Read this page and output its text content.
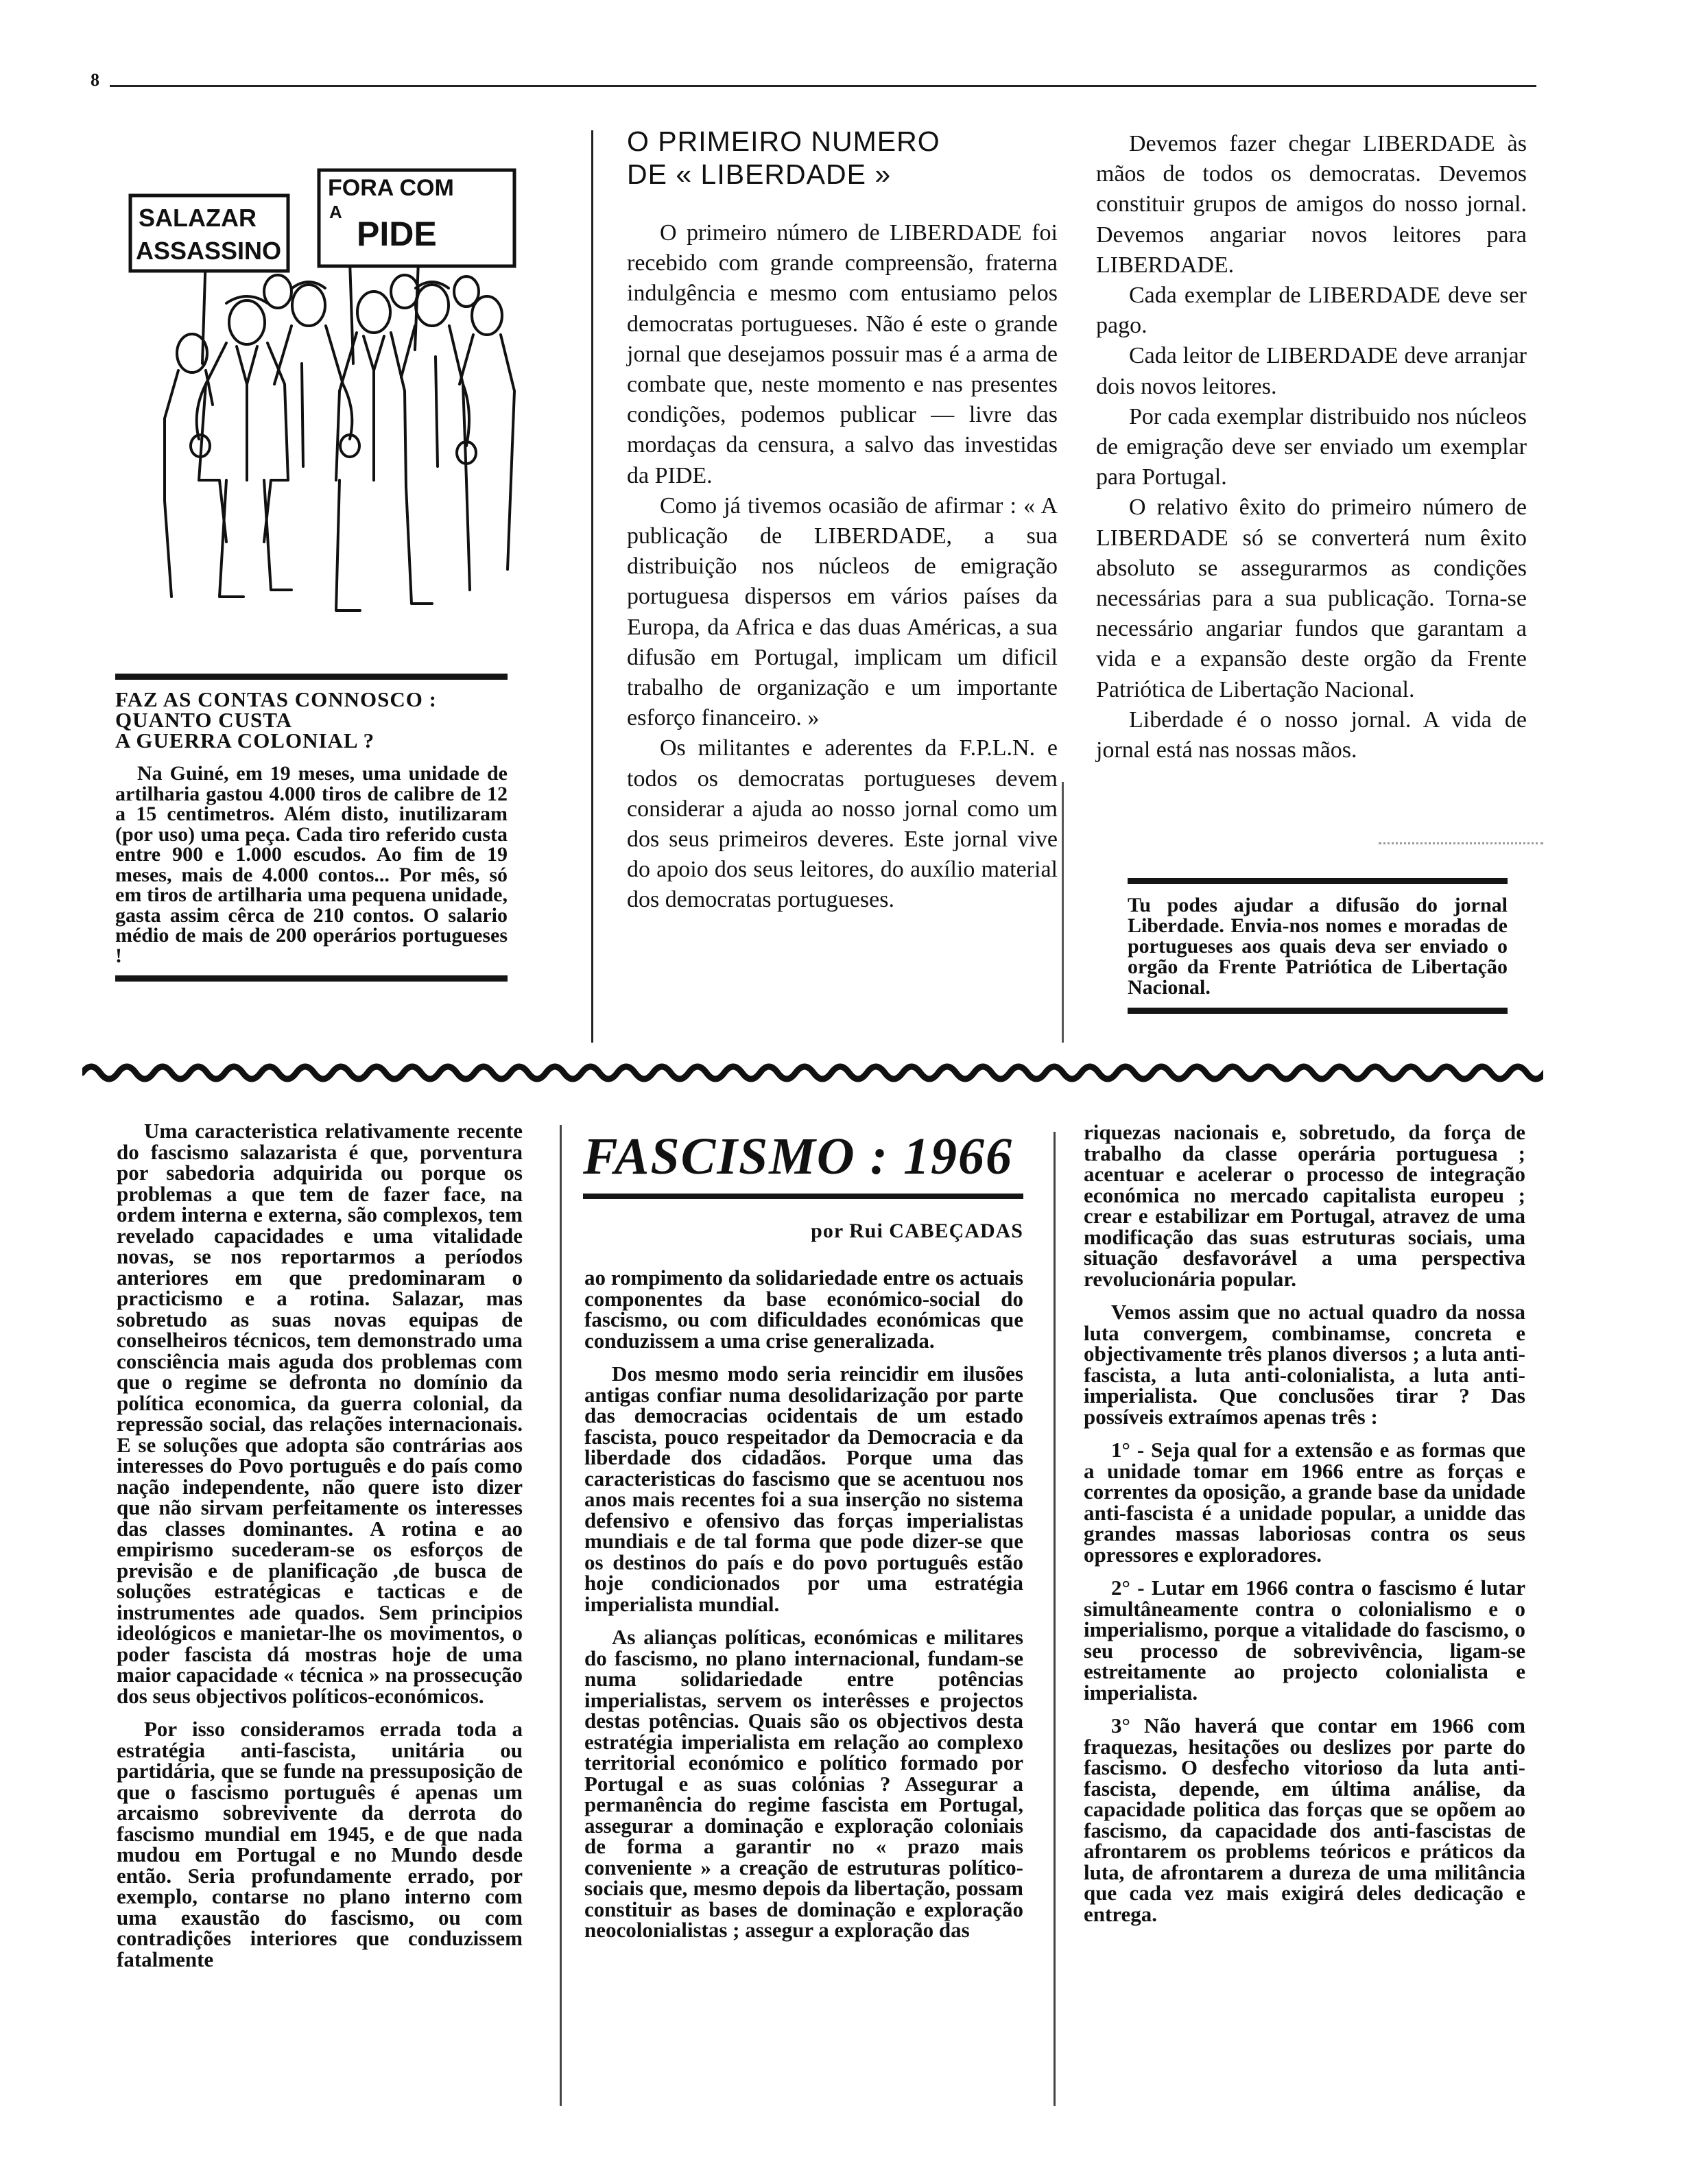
8
SALAZAR
ASSASSINO
FORA COM
A
PIDE
FAZ AS CONTAS CONNOSCO :
QUANTO CUSTA
A GUERRA COLONIAL ?
Na Guiné, em 19 meses, uma unidade de artilharia gastou 4.000 tiros de calibre de 12 a 15 centimetros. Além disto, inutilizaram (por uso) uma peça. Cada tiro referido custa entre 900 e 1.000 escudos. Ao fim de 19 meses, mais de 4.000 contos... Por mês, só em tiros de artilharia uma pequena unidade, gasta assim cêrca de 210 contos. O salario médio de mais de 200 operários portugueses !
O PRIMEIRO NUMERO
DE « LIBERDADE »

O primeiro número de LIBERDADE foi recebido com grande compreensão, fraterna indulgência e mesmo com entusiamo pelos democratas portugueses. Não é este o grande jornal que desejamos possuir mas é a arma de combate que, neste momento e nas presentes condições, podemos publicar — livre das mordaças da censura, a salvo das investidas da PIDE.

Como já tivemos ocasião de afirmar : « A publicação de LIBERDADE, a sua distribuição nos núcleos de emigração portuguesa dispersos em vários países da Europa, da Africa e das duas Américas, a sua difusão em Portugal, implicam um dificil trabalho de organização e um importante esforço financeiro. »

Os militantes e aderentes da F.P.L.N. e todos os democratas portugueses devem considerar a ajuda ao nosso jornal como um dos seus primeiros deveres. Este jornal vive do apoio dos seus leitores, do auxílio material dos democratas portugueses.

Devemos fazer chegar LIBERDADE às mãos de todos os democratas. Devemos constituir grupos de amigos do nosso jornal. Devemos angariar novos leitores para LIBERDADE.

Cada exemplar de LIBERDADE deve ser pago.

Cada leitor de LIBERDADE deve arranjar dois novos leitores.

Por cada exemplar distribuido nos núcleos de emigração deve ser enviado um exemplar para Portugal.

O relativo êxito do primeiro número de LIBERDADE só se converterá num êxito absoluto se assegurarmos as condições necessárias para a sua publicação. Torna-se necessário angariar fundos que garantam a vida e a expansão deste orgão da Frente Patriótica de Libertação Nacional.

Liberdade é o nosso jornal. A vida de jornal está nas nossas mãos.

Tu podes ajudar a difusão do jornal Liberdade. Envia-nos nomes e moradas de portugueses aos quais deva ser enviado o orgão da Frente Patriótica de Libertação Nacional.

Uma caracteristica relativamente recente do fascismo salazarista é que, porventura por sabedoria adquirida ou porque os problemas a que tem de fazer face, na ordem interna e externa, são complexos, tem revelado capacidades e uma vitalidade novas, se nos reportarmos a períodos anteriores em que predominaram o practicismo e a rotina. Salazar, mas sobretudo as suas novas equipas de conselheiros técnicos, tem demonstrado uma consciência mais aguda dos problemas com que o regime se defronta no domínio da política economica, da guerra colonial, da repressão social, das relações internacionais. E se soluções que adopta são contrárias aos interesses do Povo português e do país como nação independente, não quere isto dizer que não sirvam perfeitamente os interesses das classes dominantes. A rotina e ao empirismo sucederam-se os esforços de previsão e de planificação ,de busca de soluções estratégicas e tacticas e de instrumentes ade quados. Sem principios ideológicos e manietar-lhe os movimentos, o poder fascista dá mostras hoje de uma maior capacidade « técnica » na prossecução dos seus objectivos políticos-económicos.

Por isso consideramos errada toda a estratégia anti-fascista, unitária ou partidária, que se funde na pressuposição de que o fascismo português é apenas um arcaismo sobrevivente da derrota do fascismo mundial em 1945, e de que nada mudou em Portugal e no Mundo desde então. Seria profundamente errado, por exemplo, contarse no plano interno com uma exaustão do fascismo, ou com contradições interiores que conduzissem fatalmente

FASCISMO : 1966
por Rui CABEÇADAS

ao rompimento da solidariedade entre os actuais componentes da base económico-social do fascismo, ou com dificuldades económicas que conduzissem a uma crise generalizada.

Dos mesmo modo seria reincidir em ilusões antigas confiar numa desolidarização por parte das democracias ocidentais de um estado fascista, pouco respeitador da Democracia e da liberdade dos cidadãos. Porque uma das caracteristicas do fascismo que se acentuou nos anos mais recentes foi a sua inserção no sistema defensivo e ofensivo das forças imperialistas mundiais e de tal forma que pode dizer-se que os destinos do país e do povo português estão hoje condicionados por uma estratégia imperialista mundial.

As alianças políticas, económicas e militares do fascismo, no plano internacional, fundam-se numa solidariedade entre potências imperialistas, servem os interêsses e projectos destas potências. Quais são os objectivos desta estratégia imperialista em relação ao complexo territorial económico e político formado por Portugal e as suas colónias ? Assegurar a permanência do regime fascista em Portugal, assegurar a dominação e exploração coloniais de forma a garantir no « prazo mais conveniente » a creação de estruturas político-sociais que, mesmo depois da libertação, possam constituir as bases de dominação e exploração neocolonialistas ; assegur a exploração das

riquezas nacionais e, sobretudo, da força de trabalho da classe operária portuguesa ; acentuar e acelerar o processo de integração económica no mercado capitalista europeu ; crear e estabilizar em Portugal, atravez de uma modificação das suas estruturas sociais, uma situação desfavorável a uma perspectiva revolucionária popular.

Vemos assim que no actual quadro da nossa luta convergem, combinamse, concreta e objectivamente três planos diversos ; a luta anti-fascista, a luta anti-colonialista, a luta anti-imperialista. Que conclusões tirar ? Das possíveis extraímos apenas três :

1° - Seja qual for a extensão e as formas que a unidade tomar em 1966 entre as forças e correntes da oposição, a grande base da unidade anti-fascista é a unidade popular, a unidde das grandes massas laboriosas contra os seus opressores e exploradores.

2° - Lutar em 1966 contra o fascismo é lutar simultâneamente contra o colonialismo e o imperialismo, porque a vitalidade do fascismo, o seu processo de sobrevivência, ligam-se estreitamente ao projecto colonialista e imperialista.

3° Não haverá que contar em 1966 com fraquezas, hesitações ou deslizes por parte do fascismo. O desfecho vitorioso da luta anti-fascista, depende, em última análise, da capacidade politica das forças que se opõem ao fascismo, da capacidade dos anti-fascistas de afrontarem os problems teóricos e práticos da luta, de afrontarem a dureza de uma militância que cada vez mais exigirá deles dedicação e entrega.
